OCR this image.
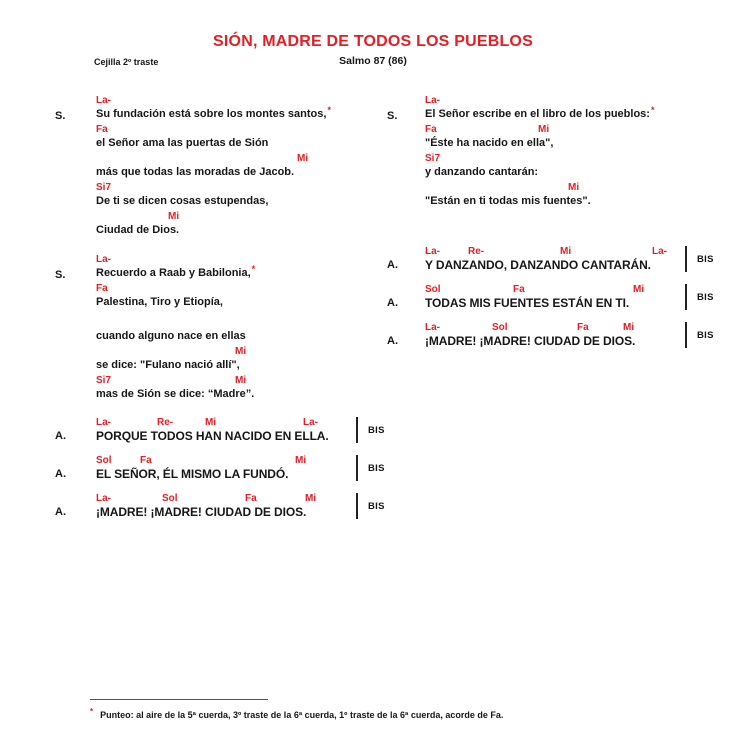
SIÓN, MADRE DE TODOS LOS PUEBLOS
Cejilla 2º traste	Salmo 87 (86)
S.
La-
Su fundación está sobre los montes santos,*
Fa
el Señor ama las puertas de Sión
Mi
más que todas las moradas de Jacob.
Si7
De ti se dicen cosas estupendas,
Mi
Ciudad de Dios.
S.
La-
Recuerdo a Raab y Babilonia,*
Fa
Palestina, Tiro y Etiopía,
cuando alguno nace en ellas
Mi
se dice: "Fulano nació allí",
Si7	Mi
mas de Sión se dice: “Madre”.
A.
La-	Re-	Mi	La-
PORQUE TODOS HAN NACIDO EN ELLA.	BIS
A.
Sol	Fa	Mi
EL SEÑOR, ÉL MISMO LA FUNDÓ.	BIS
A.
La-	Sol	Fa	Mi
¡MADRE! ¡MADRE! CIUDAD DE DIOS.	BIS
S.
La-
El Señor escribe en el libro de los pueblos:*
Fa	Mi
"Éste ha nacido en ella",
Si7
y danzando cantarán:
Mi
"Están en ti todas mis fuentes".
A.
La-	Re-	Mi	La-
Y DANZANDO, DANZANDO CANTARÁN.	BIS
A.
Sol	Fa	Mi
TODAS MIS FUENTES ESTÁN EN TI.	BIS
A.
La-	Sol	Fa	Mi
¡MADRE! ¡MADRE! CIUDAD DE DIOS.	BIS
* Punteo: al aire de la 5ª cuerda, 3º traste de la 6ª cuerda, 1º traste de la 6ª cuerda, acorde de Fa.
